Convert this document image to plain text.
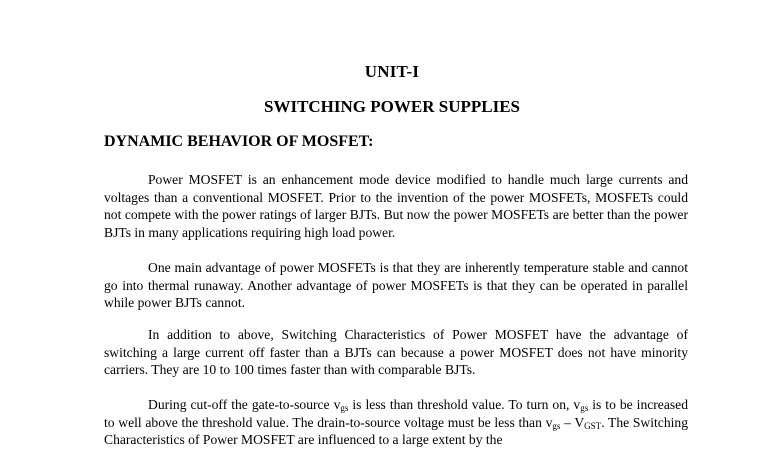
UNIT-I
SWITCHING POWER SUPPLIES
DYNAMIC BEHAVIOR OF MOSFET:

Power MOSFET is an enhancement mode device modified to handle much large currents and voltages than a conventional MOSFET. Prior to the invention of the power MOSFETs, MOSFETs could not compete with the power ratings of larger BJTs. But now the power MOSFETs are better than the power BJTs in many applications requiring high load power.

One main advantage of power MOSFETs is that they are inherently temperature stable and cannot go into thermal runaway. Another advantage of power MOSFETs is that they can be operated in parallel while power BJTs cannot.

In addition to above, Switching Characteristics of Power MOSFET have the advantage of switching a large current off faster than a BJTs can because a power MOSFET does not have minority carriers. They are 10 to 100 times faster than with comparable BJTs.

During cut-off the gate-to-source $v_{gs}$ is less than threshold value. To turn on, $v_{gs}$ is to be increased to well above the threshold value. The drain-to-source voltage must be less than $v_{gs} - V_{GST}$. The Switching Characteristics of Power MOSFET are influenced to a large extent by the
